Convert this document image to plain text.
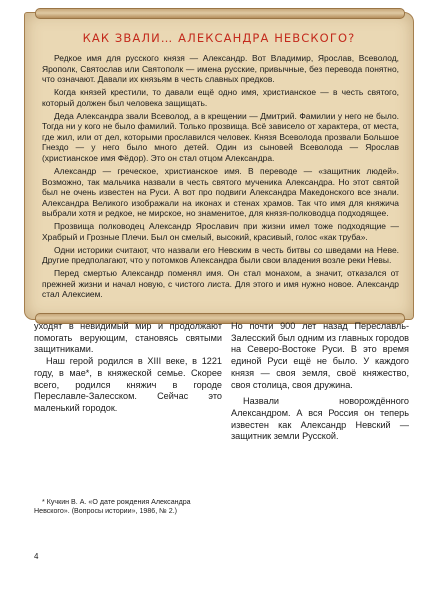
КАК ЗВАЛИ… АЛЕКСАНДРА НЕВСКОГО?

Редкое имя для русского князя — Александр. Вот Владимир, Ярослав, Всеволод, Ярополк, Святослав или Святополк — имена русские, привычные, без перевода понятно, что означают. Давали их князьям в честь славных предков.

Когда князей крестили, то давали ещё одно имя, христианское — в честь святого, который должен был человека защищать.

Деда Александра звали Всеволод, а в крещении — Дмитрий. Фамилии у него не было. Тогда ни у кого не было фамилий. Только прозвища. Всё зависело от характера, от места, где жил, или от дел, которыми прославился человек. Князя Всеволода прозвали Большое Гнездо — у него было много детей. Один из сыновей Всеволода — Ярослав (христианское имя Фёдор). Это он стал отцом Александра.

Александр — греческое, христианское имя. В переводе — «защитник людей». Возможно, так мальчика назвали в честь святого мученика Александра. Но этот святой был не очень известен на Руси. А вот про подвиги Александра Македонского все знали. Александра Великого изображали на иконах и стенах храмов. Так что имя для княжича выбрали хотя и редкое, не мирское, но знаменитое, для князя-полководца подходящее.

Прозвища полководец Александр Ярославич при жизни имел тоже подходящие — Храбрый и Грозные Плечи. Был он смелый, высокий, красивый, голос «как труба».

Одни историки считают, что назвали его Невским в честь битвы со шведами на Неве. Другие предполагают, что у потомков Александра были свои владения возле реки Невы.

Перед смертью Александр поменял имя. Он стал монахом, а значит, отказался от прежней жизни и начал новую, с чистого листа. Для этого и имя нужно новое. Александр стал Алексием.

уходят в невидимый мир и продолжают помогать верующим, становясь святыми защитниками.

Наш герой родился в XIII веке, в 1221 году, в мае*, в княжеской семье. Скорее всего, родился княжич в городе Переславле-Залесском. Сейчас это маленький городок.

* Кучкин В. А. «О дате рождения Александра Невского». (Вопросы истории», 1986, № 2.)

Но почти 900 лет назад Переславль-Залесский был одним из главных городов на Северо-Востоке Руси. В это время единой Руси ещё не было. У каждого князя — своя земля, своё княжество, своя столица, своя дружина.

Назвали новорождённого Александром. А вся Россия он теперь известен как Александр Невский — защитник земли Русской.

4
